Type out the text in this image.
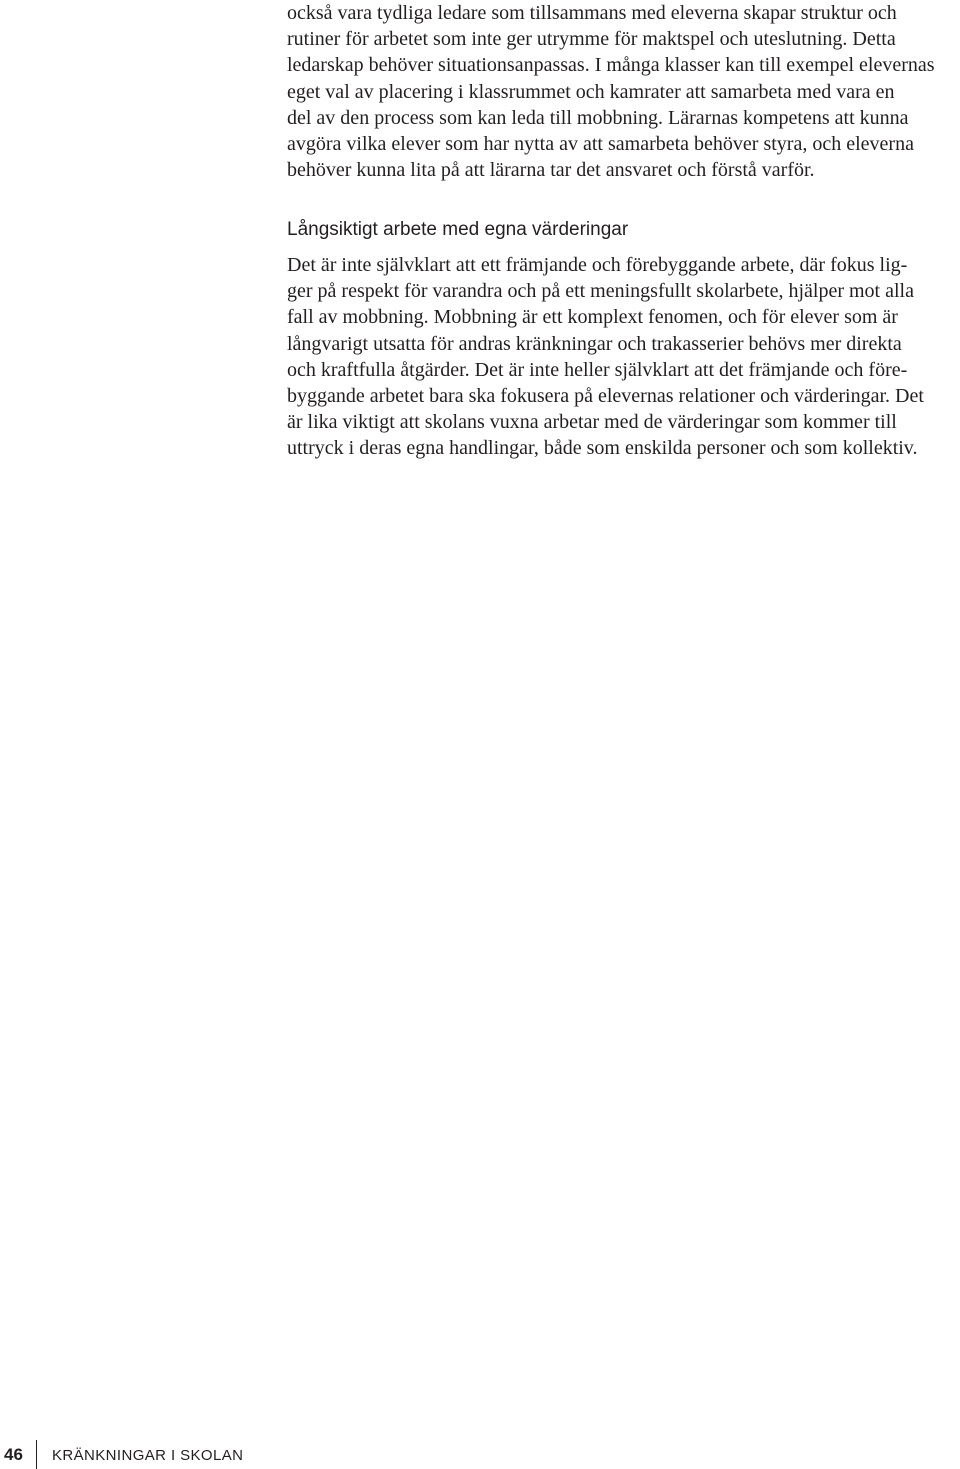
också vara tydliga ledare som tillsammans med eleverna skapar struktur och
rutiner för arbetet som inte ger utrymme för maktspel och uteslutning. Detta
ledarskap behöver situationsanpassas. I många klasser kan till exempel elevernas
eget val av placering i klassrummet och kamrater att samarbeta med vara en
del av den process som kan leda till mobbning. Lärarnas kompetens att kunna
avgöra vilka elever som har nytta av att samarbeta behöver styra, och eleverna
behöver kunna lita på att lärarna tar det ansvaret och förstå varför.
Långsiktigt arbete med egna värderingar
Det är inte självklart att ett främjande och förebyggande arbete, där fokus lig-
ger på respekt för varandra och på ett meningsfullt skolarbete, hjälper mot alla
fall av mobbning. Mobbning är ett komplext fenomen, och för elever som är
långvarigt utsatta för andras kränkningar och trakasserier behövs mer direkta
och kraftfulla åtgärder. Det är inte heller självklart att det främjande och före-
byggande arbetet bara ska fokusera på elevernas relationer och värderingar. Det
är lika viktigt att skolans vuxna arbetar med de värderingar som kommer till
uttryck i deras egna handlingar, både som enskilda personer och som kollektiv.
46 KRÄNKNINGAR I SKOLAN
